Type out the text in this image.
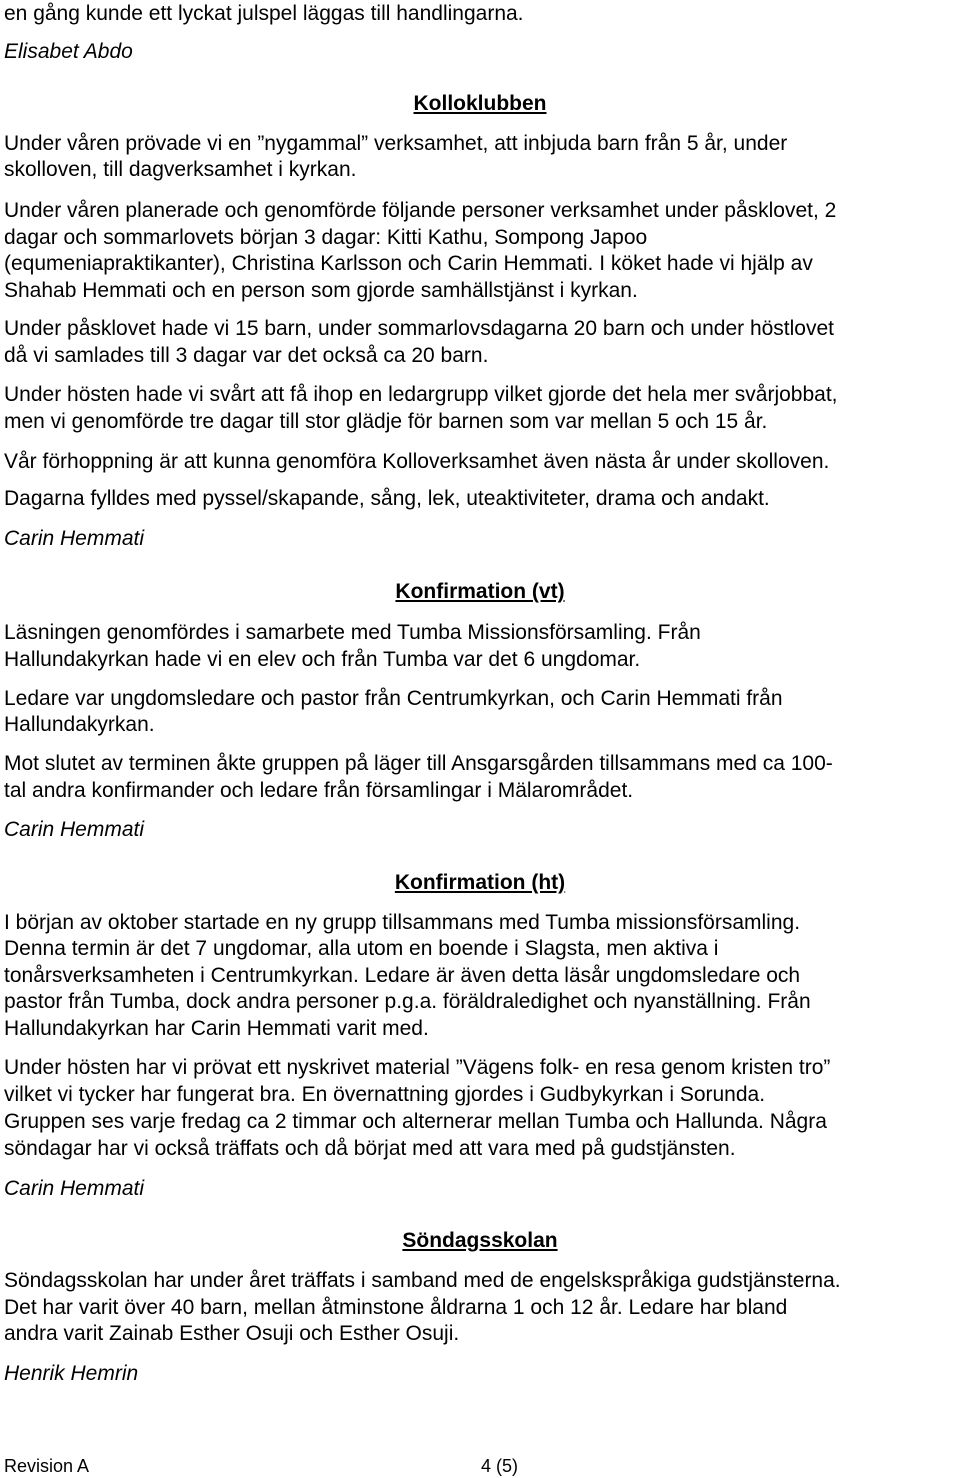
en gång kunde ett lyckat julspel läggas till handlingarna.
Elisabet Abdo
Kolloklubben
Under våren prövade vi en ”nygammal” verksamhet, att inbjuda barn från 5 år, under
skolloven, till dagverksamhet i kyrkan.
Under våren planerade och genomförde följande personer verksamhet under påsklovet, 2
dagar och sommarlovets början 3 dagar: Kitti Kathu, Sompong Japoo
(equmeniapraktikanter), Christina Karlsson och Carin Hemmati. I köket hade vi hjälp av
Shahab Hemmati och en person som gjorde samhällstjänst i kyrkan.
Under påsklovet hade vi 15 barn, under sommarlovsdagarna 20 barn och under höstlovet
då vi samlades till 3 dagar var det också ca 20 barn.
Under hösten hade vi svårt att få ihop en ledargrupp vilket gjorde det hela mer svårjobbat,
men vi genomförde tre dagar till stor glädje för barnen som var mellan 5 och 15 år.
Vår förhoppning är att kunna genomföra Kolloverksamhet även nästa år under skolloven.
Dagarna fylldes med pyssel/skapande, sång, lek, uteaktiviteter, drama och andakt.
Carin Hemmati
Konfirmation (vt)
Läsningen genomfördes i samarbete med Tumba Missionsförsamling. Från
Hallundakyrkan hade vi en elev och från Tumba var det 6 ungdomar.
Ledare var ungdomsledare och pastor från Centrumkyrkan, och Carin Hemmati från
Hallundakyrkan.
Mot slutet av terminen åkte gruppen på läger till Ansgarsgården tillsammans med ca 100-
tal andra konfirmander och ledare från församlingar i Mälarområdet.
Carin Hemmati
Konfirmation (ht)
I början av oktober startade en ny grupp tillsammans med Tumba missionsförsamling.
Denna termin är det 7 ungdomar, alla utom en boende i Slagsta, men aktiva i
tonårsverksamheten i Centrumkyrkan. Ledare är även detta läsår ungdomsledare och
pastor från Tumba, dock andra personer p.g.a. föräldraledighet och nyanställning. Från
Hallundakyrkan har Carin Hemmati varit med.
Under hösten har vi prövat ett nyskrivet material ”Vägens folk- en resa genom kristen tro”
vilket vi tycker har fungerat bra. En övernattning gjordes i Gudbykyrkan i Sorunda.
Gruppen ses varje fredag ca 2 timmar och alternerar mellan Tumba och Hallunda. Några
söndagar har vi också träffats och då börjat med att vara med på gudstjänsten.
Carin Hemmati
Söndagsskolan
Söndagsskolan har under året träffats i samband med de engelskspråkiga gudstjänsterna.
Det har varit över 40 barn, mellan åtminstone åldrarna 1 och 12 år. Ledare har bland
andra varit Zainab Esther Osuji och Esther Osuji.
Henrik Hemrin
Revision A	4 (5)
